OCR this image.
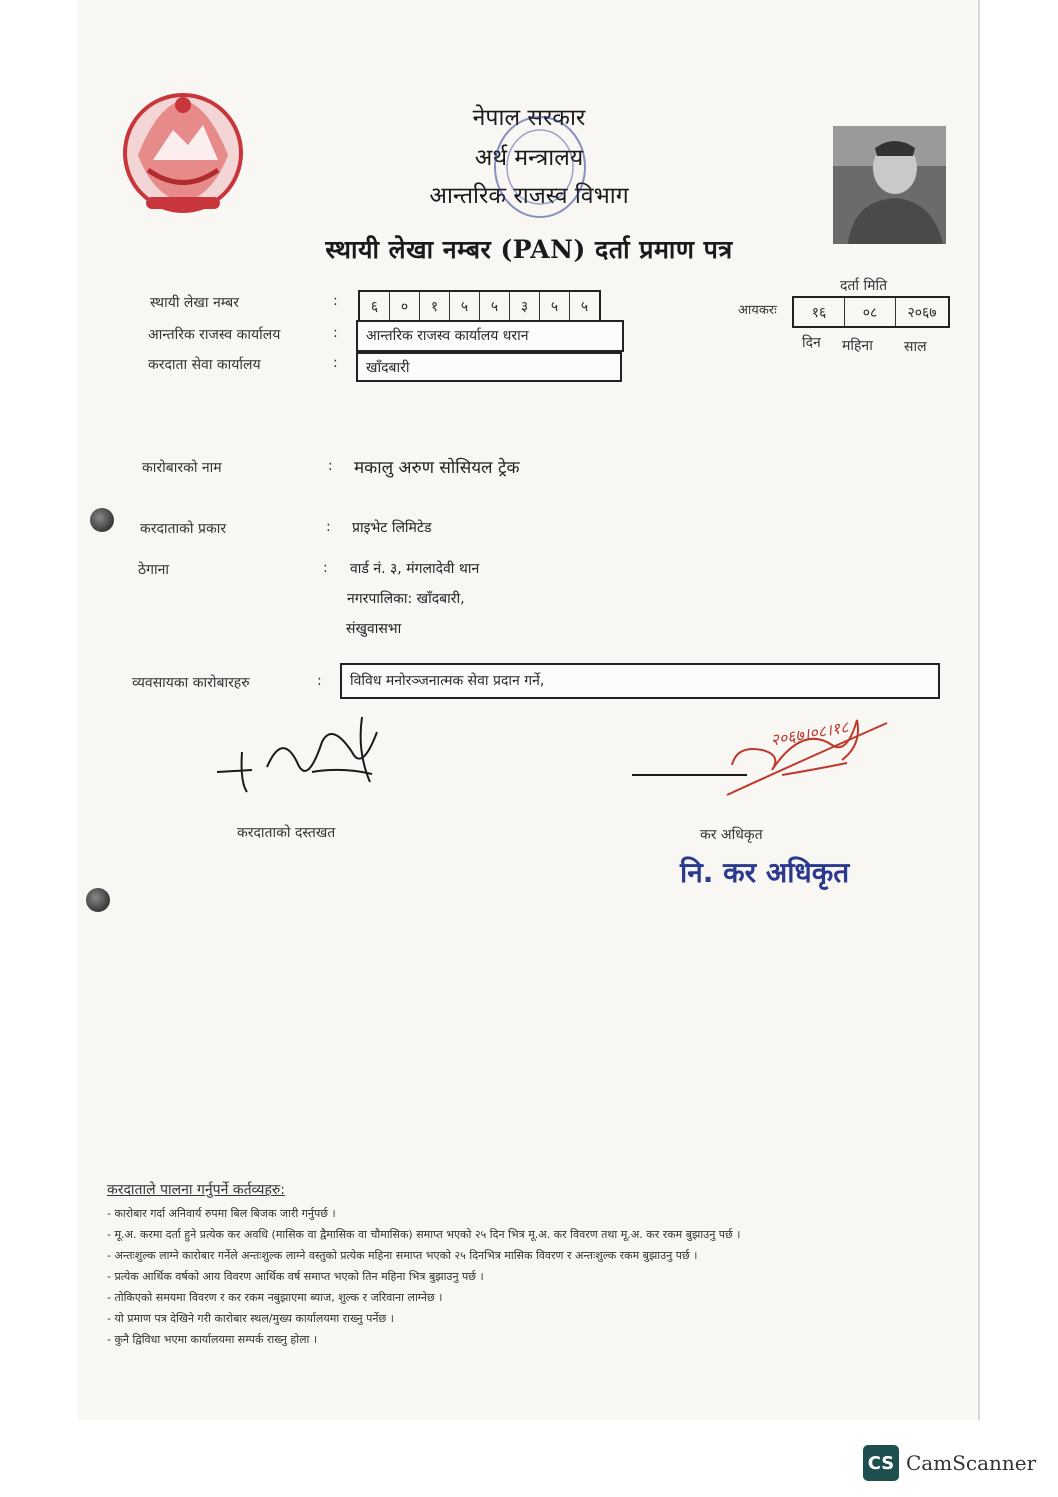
नेपाल सरकार
अर्थ मन्त्रालय
आन्तरिक राजस्व विभाग
स्थायी लेखा नम्बर (PAN) दर्ता प्रमाण पत्र
स्थायी लेखा नम्बर	:	६	०	१	५	५	३	५	५
आन्तरिक राजस्व कार्यालय	:	आन्तरिक राजस्व कार्यालय धरान
करदाता सेवा कार्यालय	:	खाँदबारी
दर्ता मिति
आयकरः	१६	०८	२०६७
दिन महिना साल
कारोबारको नाम	: मकालु अरुण सोसियल ट्रेक
करदाताको प्रकार	: प्राइभेट लिमिटेड
ठेगाना	: वार्ड नं. ३, मंगलादेवी थान
नगरपालिका: खाँदबारी,
संखुवासभा
व्यवसायका कारोबारहरु	:	विविध मनोरञ्जनात्मक सेवा प्रदान गर्ने,
करदाताको दस्तखत
२०६७।०८।१८
कर अधिकृत
नि. कर अधिकृत
करदाताले पालना गर्नुपर्ने कर्तव्यहरु:
- कारोबार गर्दा अनिवार्य रुपमा बिल बिजक जारी गर्नुपर्छ ।
- मू.अ. करमा दर्ता हुने प्रत्येक कर अवधि (मासिक वा द्वैमासिक वा चौमासिक) समाप्त भएको २५ दिन भित्र मू.अ. कर विवरण तथा मू.अ. कर रकम बुझाउनु पर्छ ।
- अन्तःशुल्क लाग्ने कारोबार गर्नेले अन्तःशुल्क लाग्ने वस्तुको प्रत्येक महिना समाप्त भएको २५ दिनभित्र मासिक विवरण र अन्तःशुल्क रकम बुझाउनु पर्छ ।
- प्रत्येक आर्थिक वर्षको आय विवरण आर्थिक वर्ष समाप्त भएको तिन महिना भित्र बुझाउनु पर्छ ।
- तोकिएको समयमा विवरण र कर रकम नबुझाएमा ब्याज, शुल्क र जरिवाना लाग्नेछ ।
- यो प्रमाण पत्र देखिने गरी कारोबार स्थल/मुख्य कार्यालयमा राख्नु पर्नेछ ।
- कुनै द्विविधा भएमा कार्यालयमा सम्पर्क राख्नु होला ।
CS CamScanner
